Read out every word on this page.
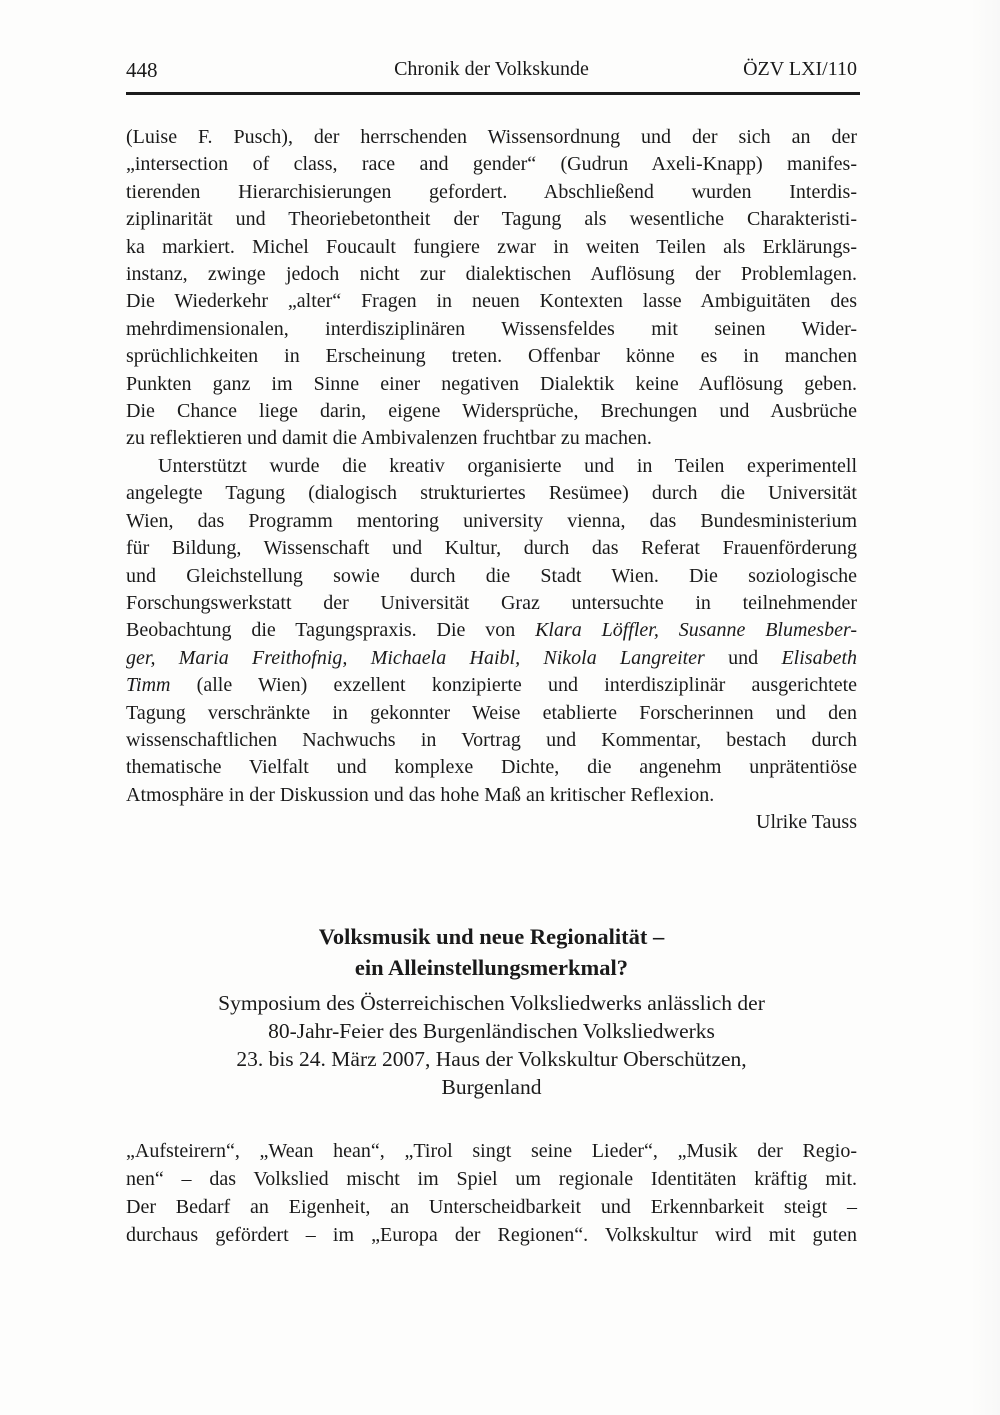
448	Chronik der Volkskunde	ÖZV LXI/110
(Luise F. Pusch), der herrschenden Wissensordnung und der sich an der
„intersection of class, race and gender“ (Gudrun Axeli-Knapp) manifes-
tierenden Hierarchisierungen gefordert. Abschließend wurden Interdis-
ziplinarität und Theoriebetontheit der Tagung als wesentliche Charakteristi-
ka markiert. Michel Foucault fungiere zwar in weiten Teilen als Erklärungs-
instanz, zwinge jedoch nicht zur dialektischen Auflösung der Problemlagen.
Die Wiederkehr „alter“ Fragen in neuen Kontexten lasse Ambiguitäten des
mehrdimensionalen, interdisziplinären Wissensfeldes mit seinen Wider-
sprüchlichkeiten in Erscheinung treten. Offenbar könne es in manchen
Punkten ganz im Sinne einer negativen Dialektik keine Auflösung geben.
Die Chance liege darin, eigene Widersprüche, Brechungen und Ausbrüche
zu reflektieren und damit die Ambivalenzen fruchtbar zu machen.
Unterstützt wurde die kreativ organisierte und in Teilen experimentell
angelegte Tagung (dialogisch strukturiertes Resümee) durch die Universität
Wien, das Programm mentoring university vienna, das Bundesministerium
für Bildung, Wissenschaft und Kultur, durch das Referat Frauenförderung
und Gleichstellung sowie durch die Stadt Wien. Die soziologische
Forschungswerkstatt der Universität Graz untersuchte in teilnehmender
Beobachtung die Tagungspraxis. Die von Klara Löffler, Susanne Blumesber-
ger, Maria Freithofnig, Michaela Haibl, Nikola Langreiter und Elisabeth
Timm (alle Wien) exzellent konzipierte und interdisziplinär ausgerichtete
Tagung verschränkte in gekonnter Weise etablierte Forscherinnen und den
wissenschaftlichen Nachwuchs in Vortrag und Kommentar, bestach durch
thematische Vielfalt und komplexe Dichte, die angenehm unprätentiöse
Atmosphäre in der Diskussion und das hohe Maß an kritischer Reflexion.
Ulrike Tauss
Volksmusik und neue Regionalität –
ein Alleinstellungsmerkmal?
Symposium des Österreichischen Volksliedwerks anlässlich der
80-Jahr-Feier des Burgenländischen Volksliedwerks
23. bis 24. März 2007, Haus der Volkskultur Oberschützen,
Burgenland
„Aufsteirern“, „Wean hean“, „Tirol singt seine Lieder“, „Musik der Regio-
nen“ – das Volkslied mischt im Spiel um regionale Identitäten kräftig mit.
Der Bedarf an Eigenheit, an Unterscheidbarkeit und Erkennbarkeit steigt –
durchaus gefördert – im „Europa der Regionen“. Volkskultur wird mit guten
